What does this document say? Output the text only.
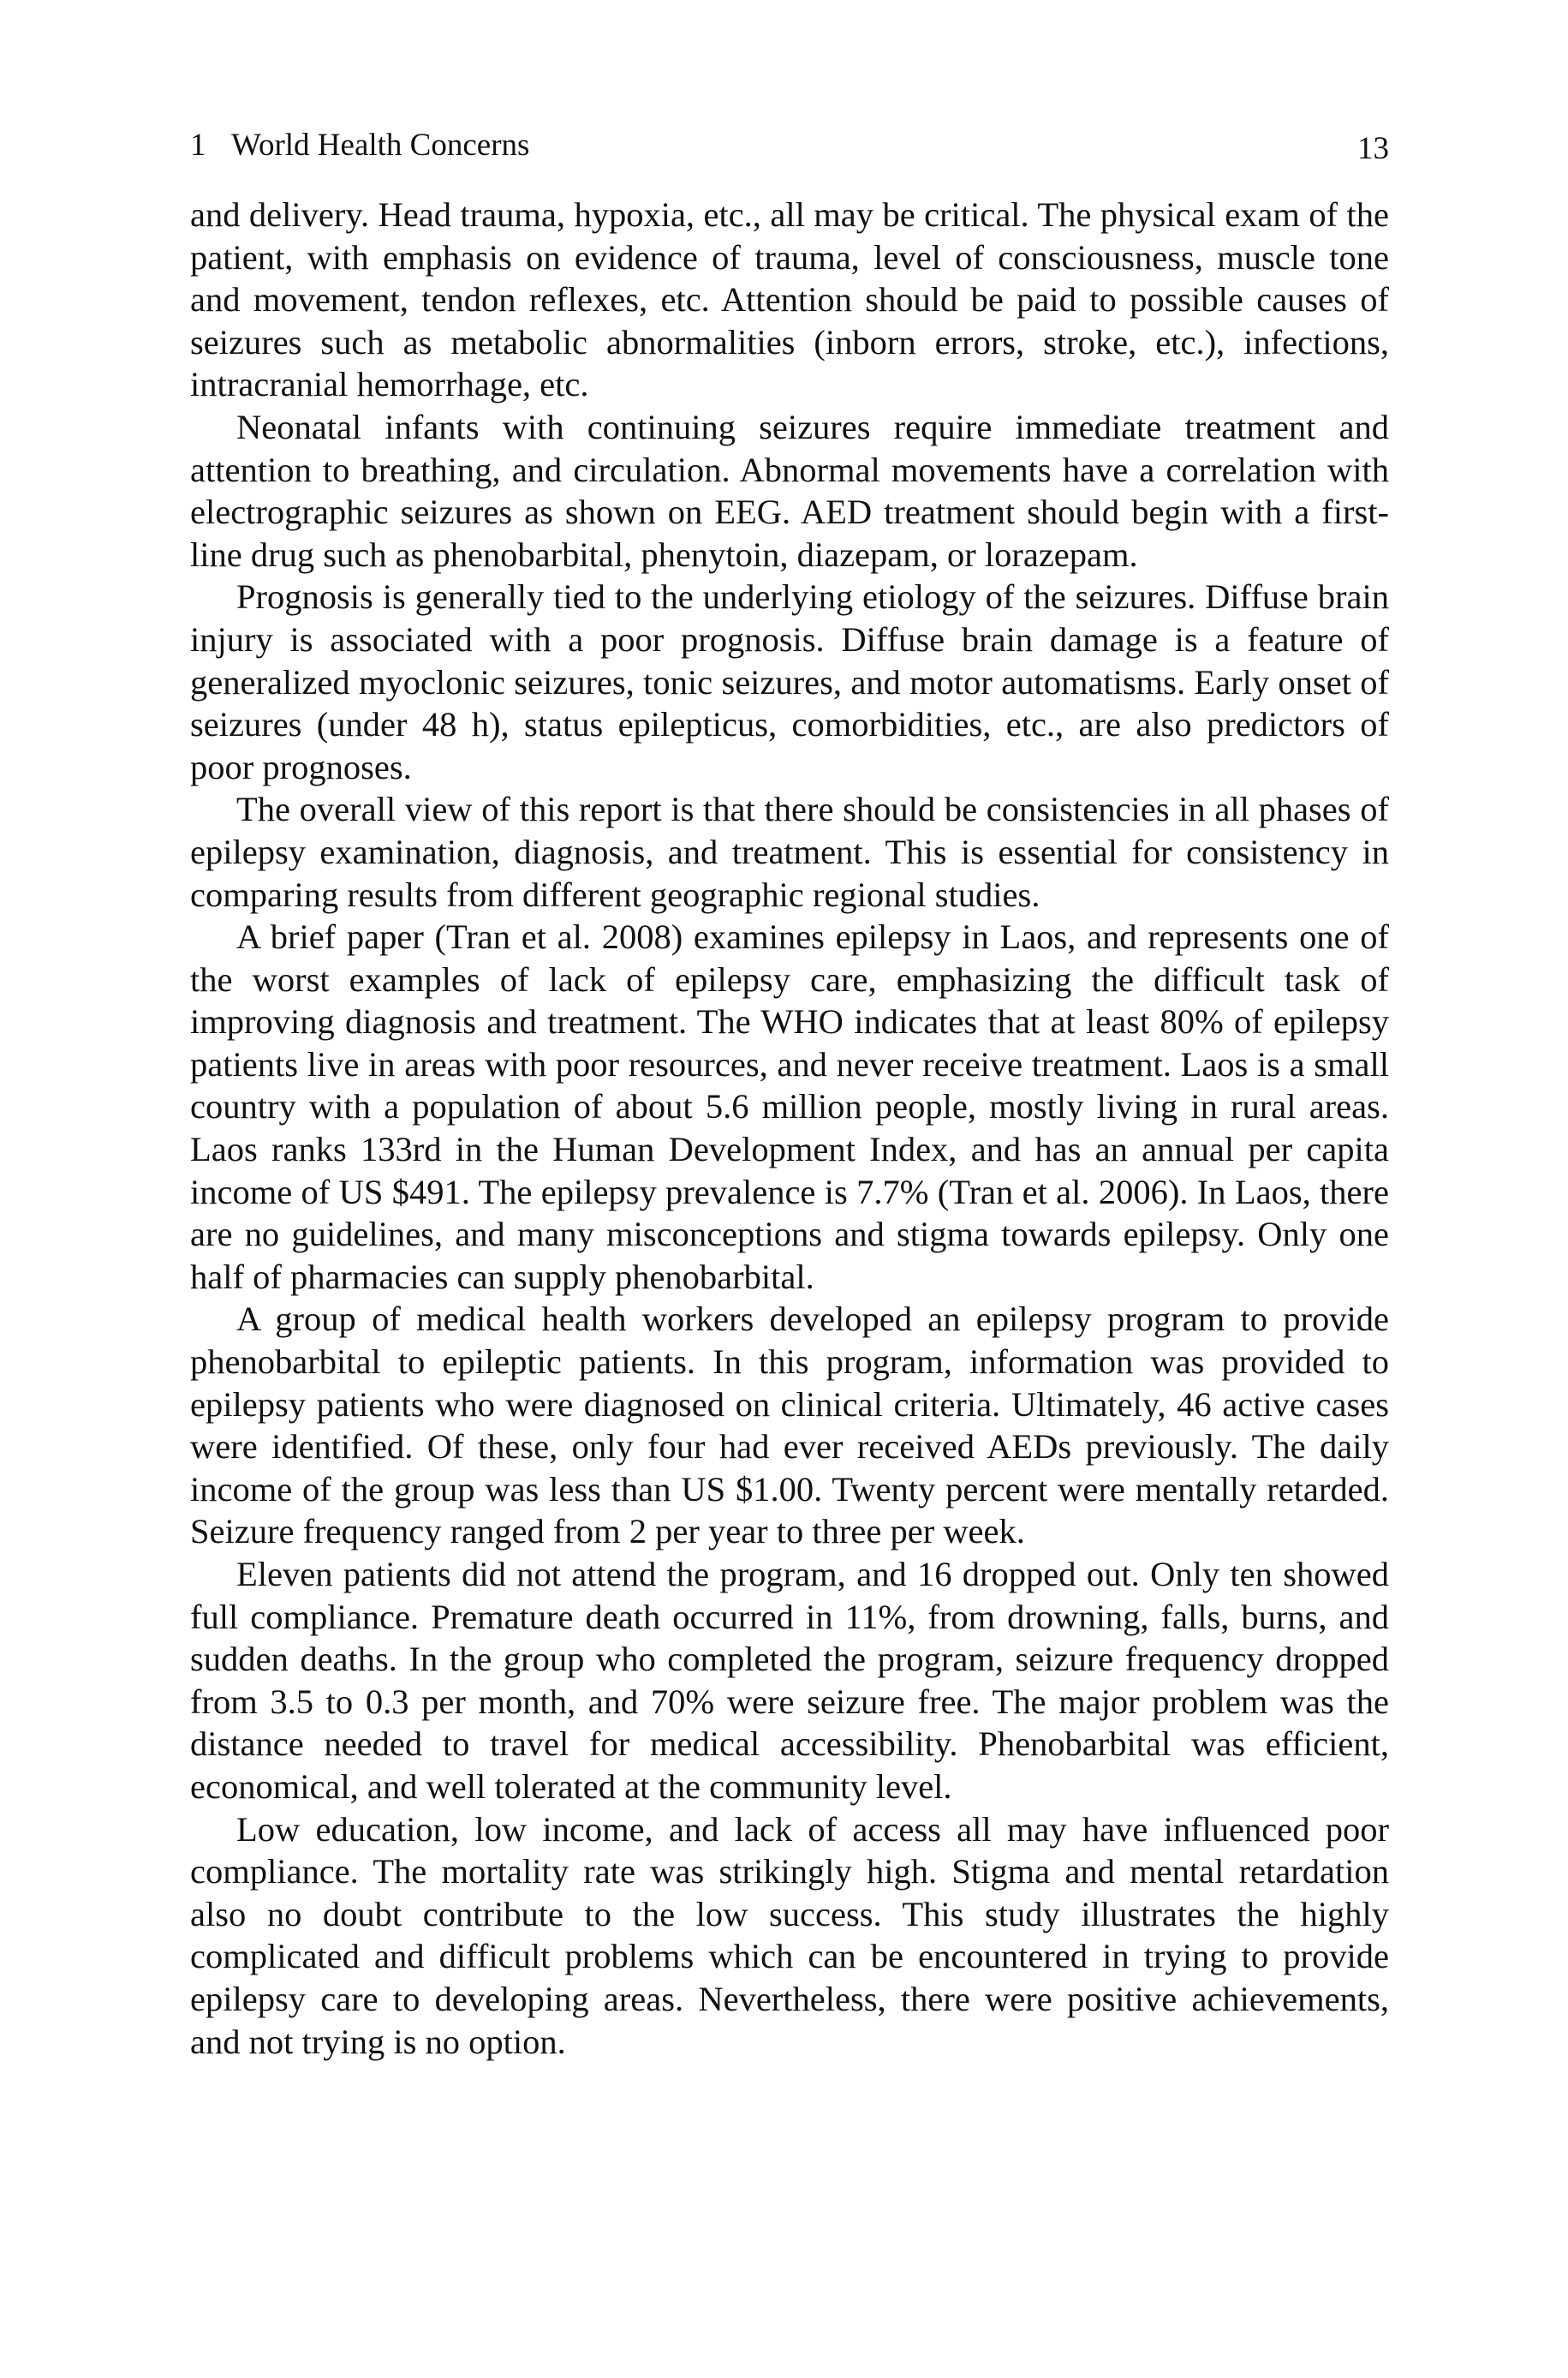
1 World Health Concerns	13

and delivery. Head trauma, hypoxia, etc., all may be critical. The physical exam of the patient, with emphasis on evidence of trauma, level of consciousness, muscle tone and movement, tendon reflexes, etc. Attention should be paid to possible causes of seizures such as metabolic abnormalities (inborn errors, stroke, etc.), infections, intracranial hemorrhage, etc.

Neonatal infants with continuing seizures require immediate treatment and attention to breathing, and circulation. Abnormal movements have a correlation with electrographic seizures as shown on EEG. AED treatment should begin with a first-line drug such as phenobarbital, phenytoin, diazepam, or lorazepam.

Prognosis is generally tied to the underlying etiology of the seizures. Diffuse brain injury is associated with a poor prognosis. Diffuse brain damage is a feature of generalized myoclonic seizures, tonic seizures, and motor automatisms. Early onset of seizures (under 48 h), status epilepticus, comorbidities, etc., are also predictors of poor prognoses.

The overall view of this report is that there should be consistencies in all phases of epilepsy examination, diagnosis, and treatment. This is essential for consistency in comparing results from different geographic regional studies.

A brief paper (Tran et al. 2008) examines epilepsy in Laos, and represents one of the worst examples of lack of epilepsy care, emphasizing the difficult task of improving diagnosis and treatment. The WHO indicates that at least 80% of epilepsy patients live in areas with poor resources, and never receive treatment. Laos is a small country with a population of about 5.6 million people, mostly living in rural areas. Laos ranks 133rd in the Human Development Index, and has an annual per capita income of US $491. The epilepsy prevalence is 7.7% (Tran et al. 2006). In Laos, there are no guidelines, and many misconceptions and stigma towards epilepsy. Only one half of pharmacies can supply phenobarbital.

A group of medical health workers developed an epilepsy program to provide phenobarbital to epileptic patients. In this program, information was provided to epilepsy patients who were diagnosed on clinical criteria. Ultimately, 46 active cases were identified. Of these, only four had ever received AEDs previously. The daily income of the group was less than US $1.00. Twenty percent were mentally retarded. Seizure frequency ranged from 2 per year to three per week.

Eleven patients did not attend the program, and 16 dropped out. Only ten showed full compliance. Premature death occurred in 11%, from drowning, falls, burns, and sudden deaths. In the group who completed the program, seizure frequency dropped from 3.5 to 0.3 per month, and 70% were seizure free. The major problem was the distance needed to travel for medical accessibility. Phenobarbital was efficient, economical, and well tolerated at the community level.

Low education, low income, and lack of access all may have influenced poor compliance. The mortality rate was strikingly high. Stigma and mental retardation also no doubt contribute to the low success. This study illustrates the highly complicated and difficult problems which can be encountered in trying to provide epilepsy care to developing areas. Nevertheless, there were positive achievements, and not trying is no option.
